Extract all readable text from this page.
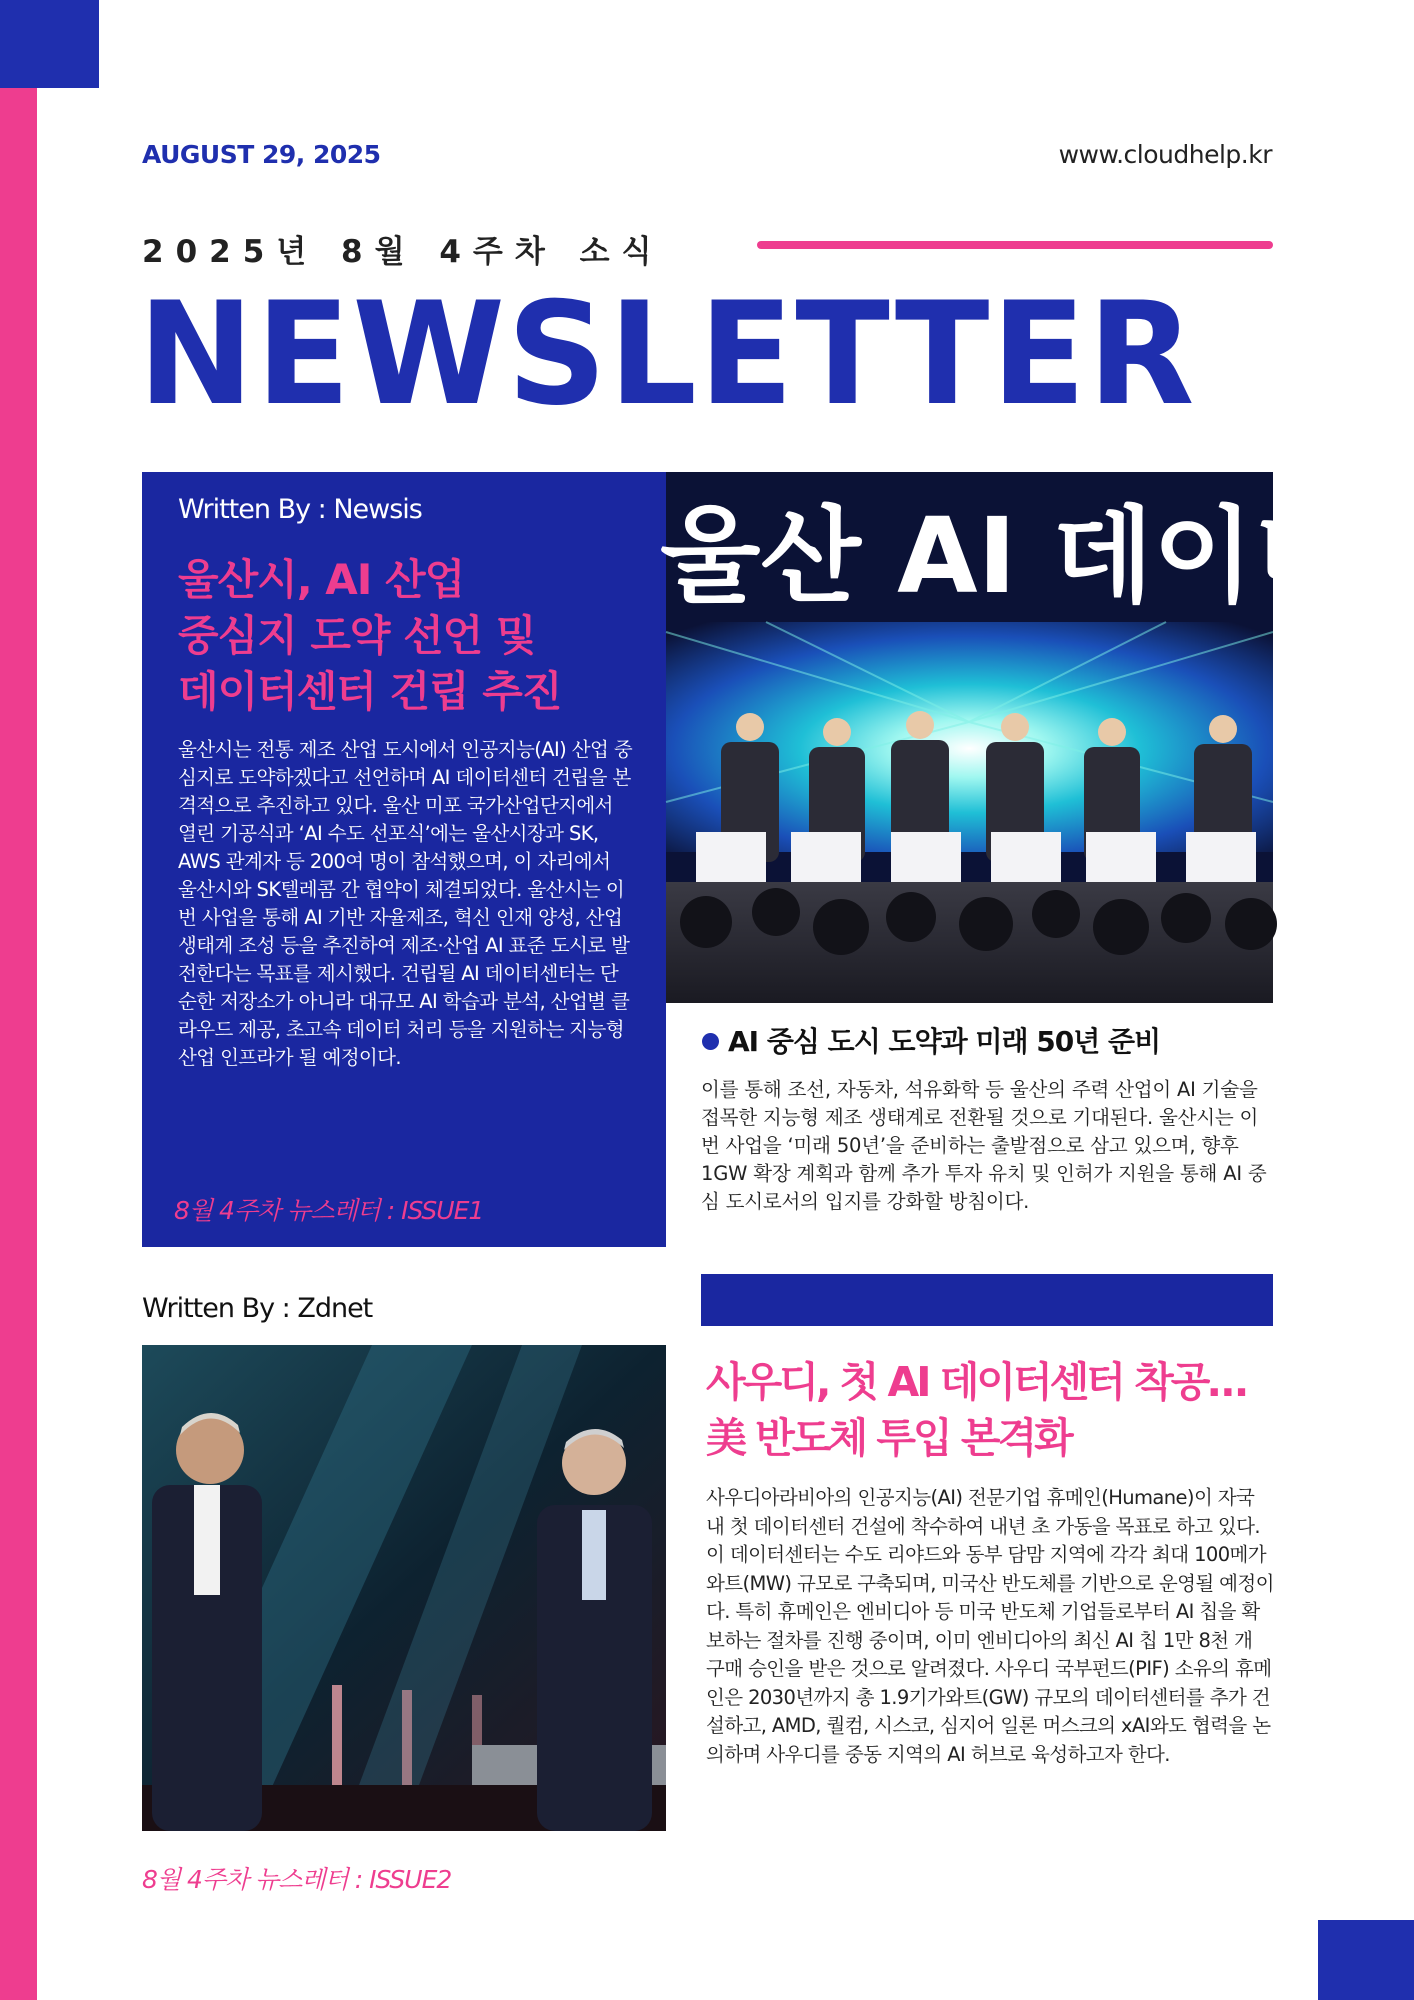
AUGUST 29, 2025	www.cloudhelp.kr
2025년 8월 4주차 소식
NEWSLETTER
Written By : Newsis
울산시, AI 산업
중심지 도약 선언 및
데이터센터 건립 추진
울산시는 전통 제조 산업 도시에서 인공지능(AI) 산업 중심지로 도약하겠다고 선언하며 AI 데이터센터 건립을 본격적으로 추진하고 있다. 울산 미포 국가산업단지에서 열린 기공식과 ‘AI 수도 선포식’에는 울산시장과 SK, AWS 관계자 등 200여 명이 참석했으며, 이 자리에서 울산시와 SK텔레콤 간 협약이 체결되었다. 울산시는 이번 사업을 통해 AI 기반 자율제조, 혁신 인재 양성, 산업 생태계 조성 등을 추진하여 제조·산업 AI 표준 도시로 발전한다는 목표를 제시했다. 건립될 AI 데이터센터는 단순한 저장소가 아니라 대규모 AI 학습과 분석, 산업별 클라우드 제공, 초고속 데이터 처리 등을 지원하는 지능형 산업 인프라가 될 예정이다.
8월 4주차 뉴스레터 : ISSUE1
울산 AI 데이터
AI 중심 도시 도약과 미래 50년 준비
이를 통해 조선, 자동차, 석유화학 등 울산의 주력 산업이 AI 기술을 접목한 지능형 제조 생태계로 전환될 것으로 기대된다. 울산시는 이번 사업을 ‘미래 50년’을 준비하는 출발점으로 삼고 있으며, 향후 1GW 확장 계획과 함께 추가 투자 유치 및 인허가 지원을 통해 AI 중심 도시로서의 입지를 강화할 방침이다.
Written By : Zdnet
사우디, 첫 AI 데이터센터 착공…
美 반도체 투입 본격화
사우디아라비아의 인공지능(AI) 전문기업 휴메인(Humane)이 자국 내 첫 데이터센터 건설에 착수하여 내년 초 가동을 목표로 하고 있다. 이 데이터센터는 수도 리야드와 동부 담맘 지역에 각각 최대 100메가와트(MW) 규모로 구축되며, 미국산 반도체를 기반으로 운영될 예정이다. 특히 휴메인은 엔비디아 등 미국 반도체 기업들로부터 AI 칩을 확보하는 절차를 진행 중이며, 이미 엔비디아의 최신 AI 칩 1만 8천 개 구매 승인을 받은 것으로 알려졌다. 사우디 국부펀드(PIF) 소유의 휴메인은 2030년까지 총 1.9기가와트(GW) 규모의 데이터센터를 추가 건설하고, AMD, 퀄컴, 시스코, 심지어 일론 머스크의 xAI와도 협력을 논의하며 사우디를 중동 지역의 AI 허브로 육성하고자 한다.
8월 4주차 뉴스레터 : ISSUE2
